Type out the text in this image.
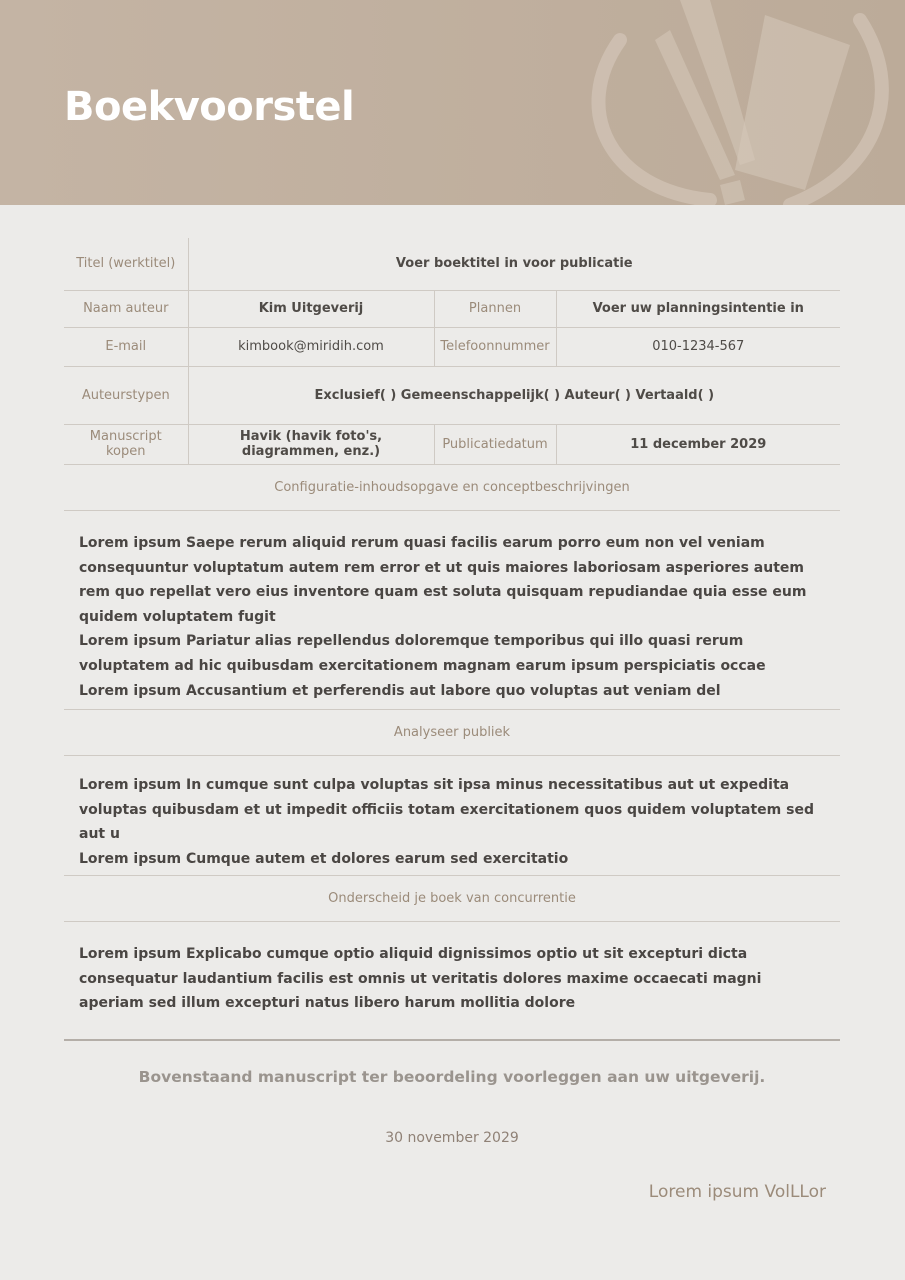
Boekvoorstel
Titel (werktitel)	Voer boektitel in voor publicatie		
Naam auteur	Kim Uitgeverij	Plannen	Voer uw planningsintentie in
E-mail	kimbook@miridih.com	Telefoonnummer	010-1234-567
Auteurstypen	Exclusief( ) Gemeenschappelijk( ) Auteur( ) Vertaald( )		
Manuscript kopen	Havik (havik foto's, diagrammen, enz.)	Publicatiedatum	11 december 2029
Configuratie-inhoudsopgave en conceptbeschrijvingen

Lorem ipsum Saepe rerum aliquid rerum quasi facilis earum porro eum non vel veniam consequuntur voluptatum autem rem error et ut quis maiores laboriosam asperiores autem rem quo repellat vero eius inventore quam est soluta quisquam repudiandae quia esse eum quidem voluptatem fugit

Lorem ipsum Pariatur alias repellendus doloremque temporibus qui illo quasi rerum voluptatem ad hic quibusdam exercitationem magnam earum ipsum perspiciatis occae

Lorem ipsum Accusantium et perferendis aut labore quo voluptas aut veniam del

Analyseer publiek

Lorem ipsum In cumque sunt culpa voluptas sit ipsa minus necessitatibus aut ut expedita voluptas quibusdam et ut impedit officiis totam exercitationem quos quidem voluptatem sed aut u

Lorem ipsum Cumque autem et dolores earum sed exercitatio

Onderscheid je boek van concurrentie

Lorem ipsum Explicabo cumque optio aliquid dignissimos optio ut sit excepturi dicta consequatur laudantium facilis est omnis ut veritatis dolores maxime occaecati magni aperiam sed illum excepturi natus libero harum mollitia dolore

Bovenstaand manuscript ter beoordeling voorleggen aan uw uitgeverij.
30 november 2029
Lorem ipsum VolLLor
